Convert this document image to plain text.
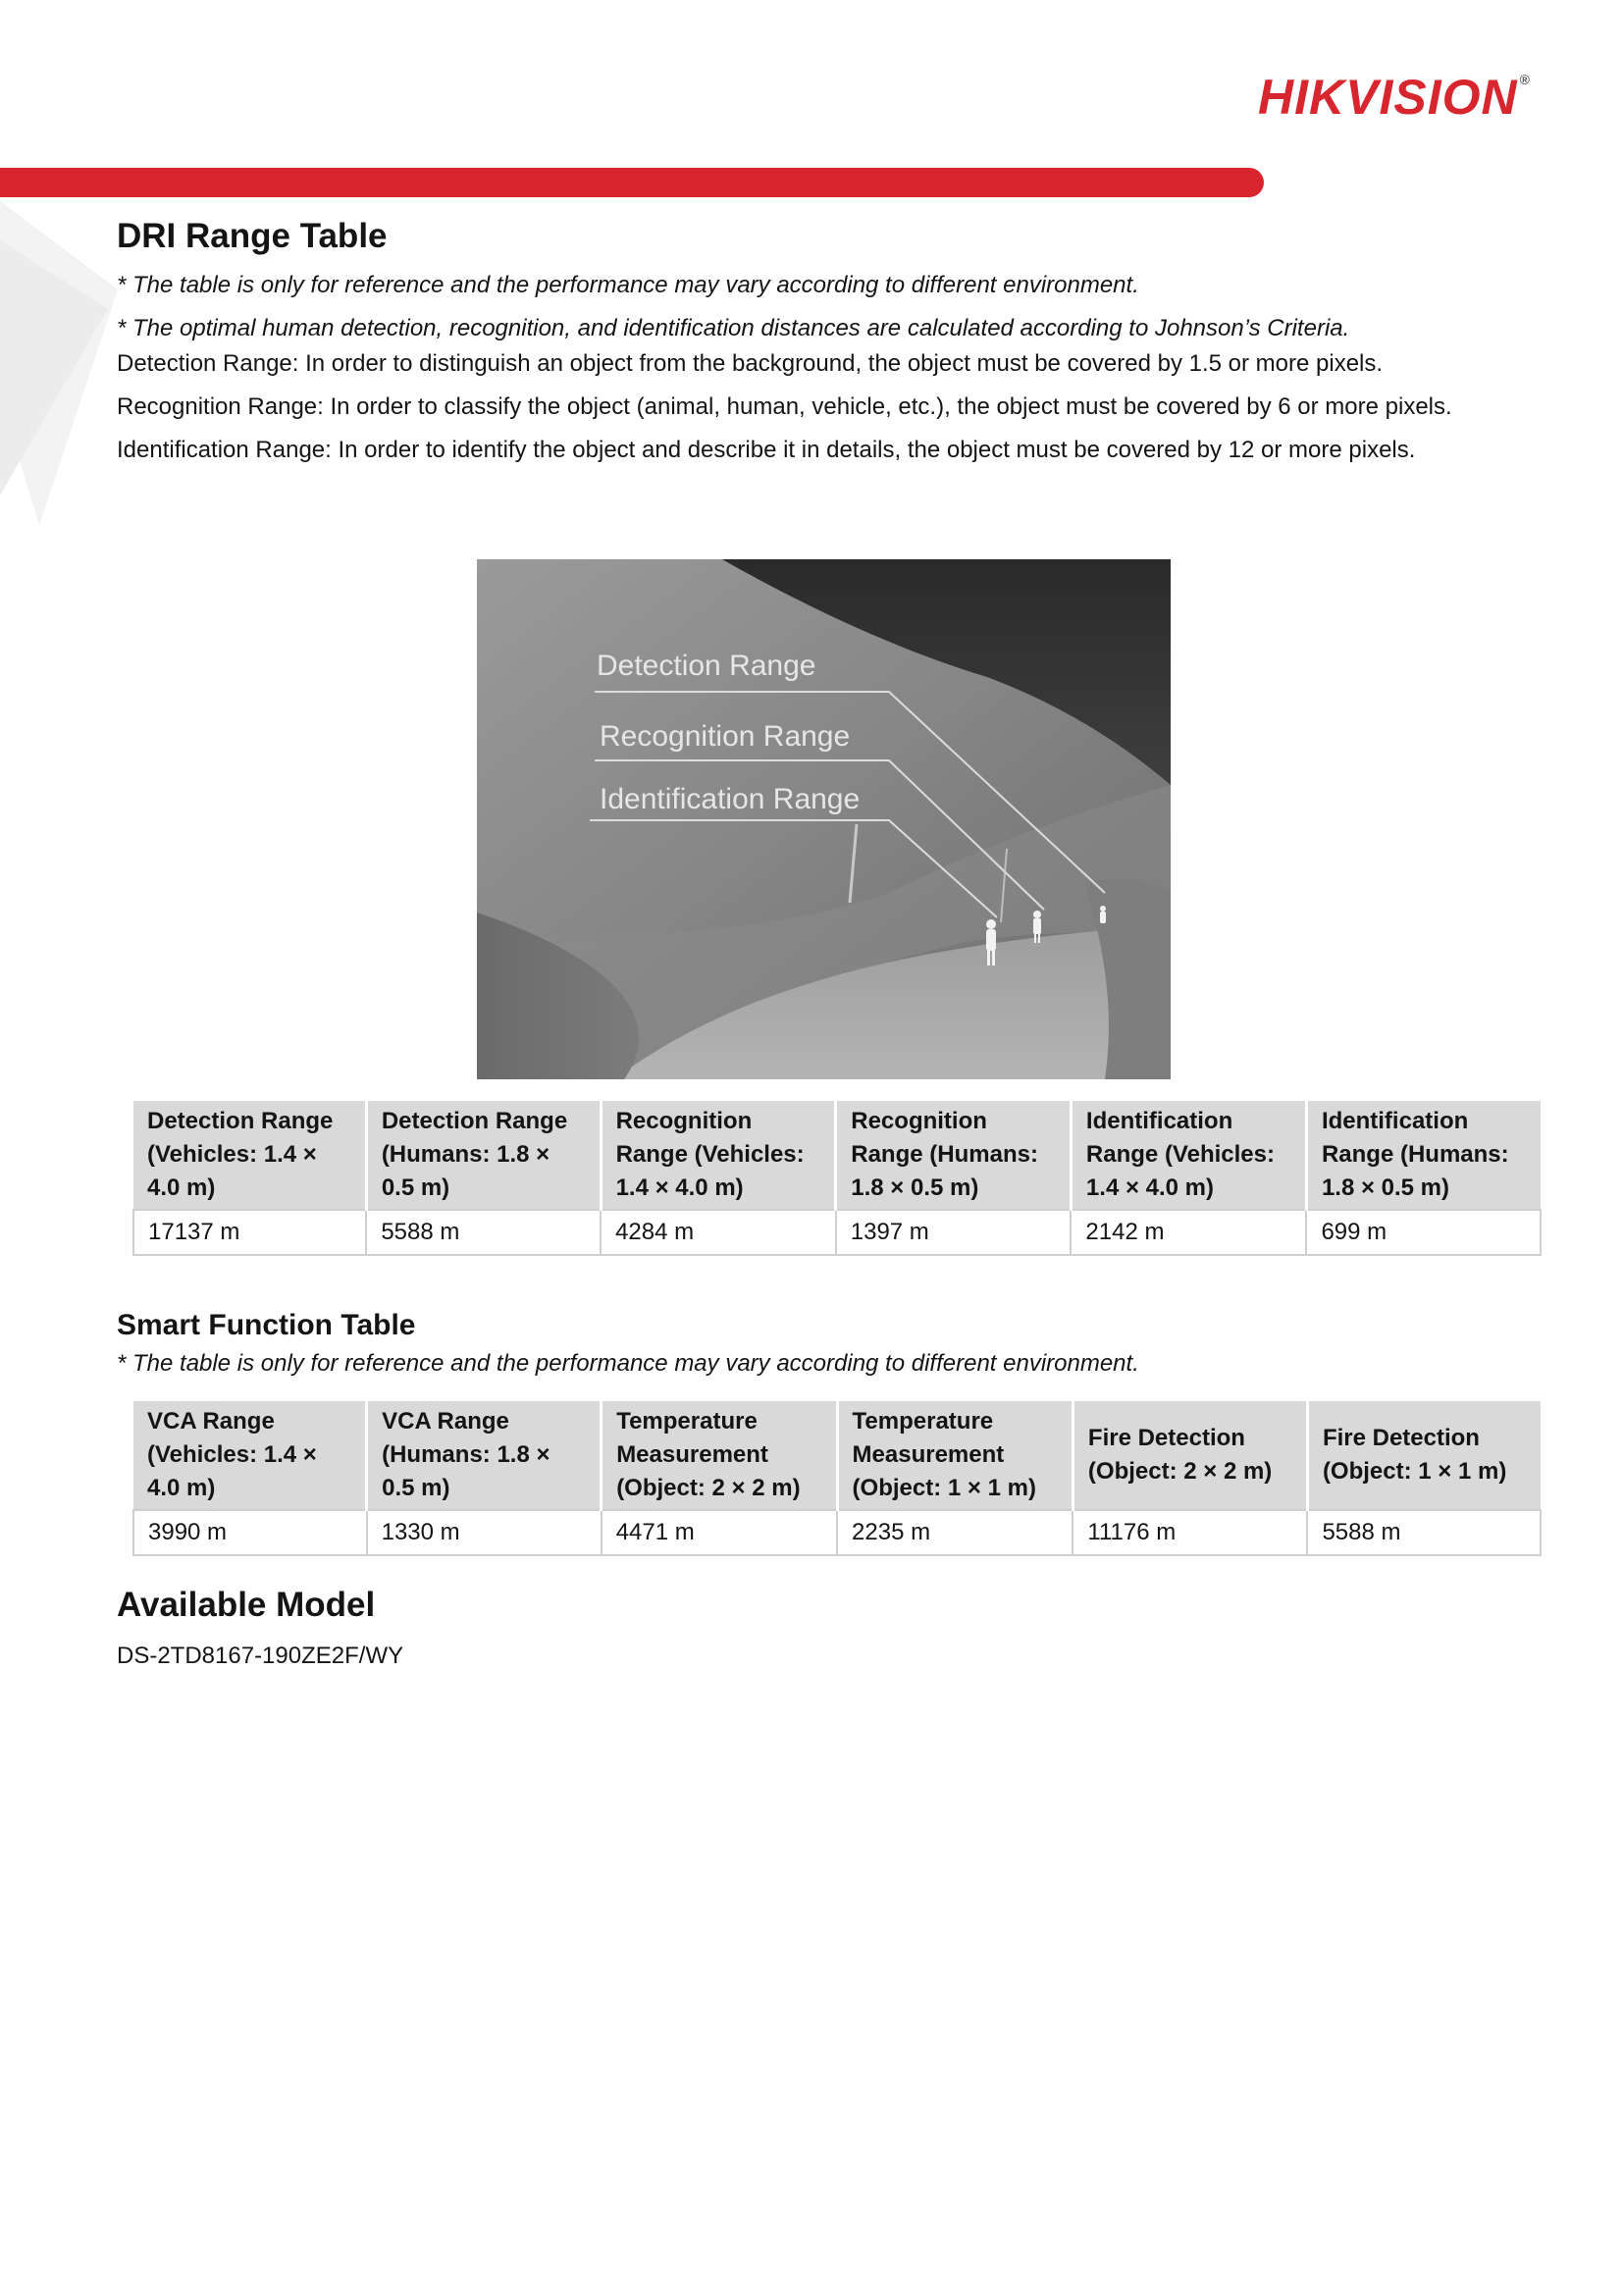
HIKVISION ®
DRI Range Table

* The table is only for reference and the performance may vary according to different environment.

* The optimal human detection, recognition, and identification distances are calculated according to Johnson’s Criteria.

Detection Range: In order to distinguish an object from the background, the object must be covered by 1.5 or more pixels.

Recognition Range: In order to classify the object (animal, human, vehicle, etc.), the object must be covered by 6 or more pixels.

Identification Range: In order to identify the object and describe it in details, the object must be covered by 12 or more pixels.

Detection Range
Recognition Range
Identification Range
Detection Range (Vehicles: 1.4 × 4.0 m)	Detection Range (Humans: 1.8 × 0.5 m)	Recognition Range (Vehicles: 1.4 × 4.0 m)	Recognition Range (Humans: 1.8 × 0.5 m)	Identification Range (Vehicles: 1.4 × 4.0 m)	Identification Range (Humans: 1.8 × 0.5 m)
17137 m	5588 m	4284 m	1397 m	2142 m	699 m
Smart Function Table

* The table is only for reference and the performance may vary according to different environment.

VCA Range (Vehicles: 1.4 × 4.0 m)	VCA Range (Humans: 1.8 × 0.5 m)	Temperature Measurement (Object: 2 × 2 m)	Temperature Measurement (Object: 1 × 1 m)	Fire Detection (Object: 2 × 2 m)	Fire Detection (Object: 1 × 1 m)
3990 m	1330 m	4471 m	2235 m	11176 m	5588 m
Available Model

DS-2TD8167-190ZE2F/WY
